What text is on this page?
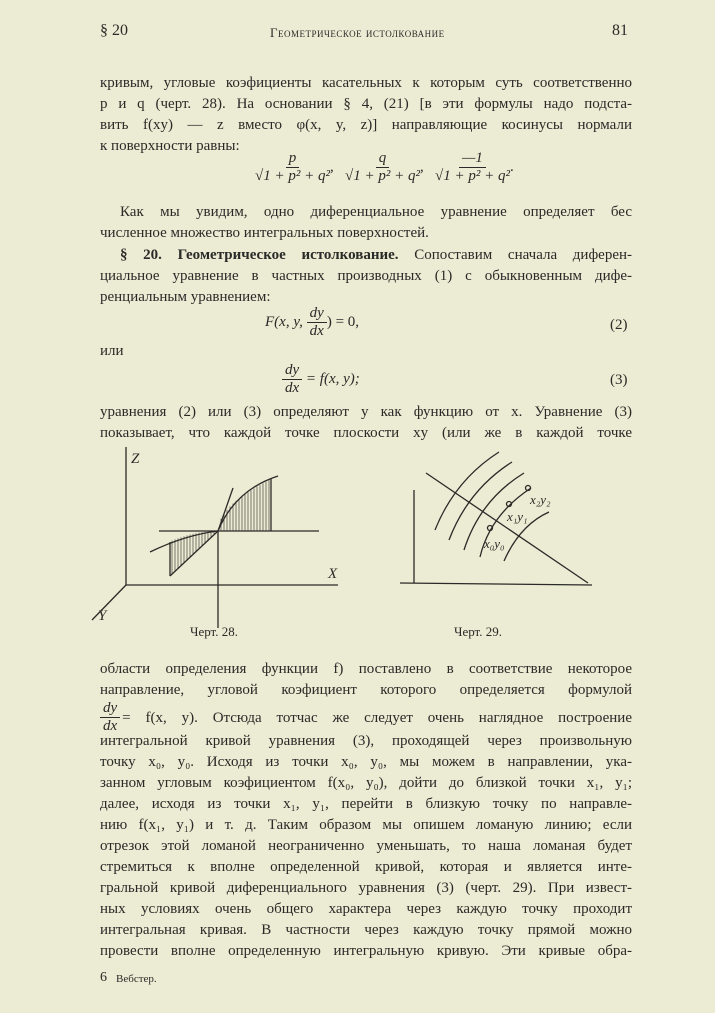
§ 20	Геометрическое истолкование	81
кривым, угловые коэфициенты касательных к которым суть соответственно
p и q (черт. 28). На основании § 4, (21) [в эти формулы надо подста-
вить f(xy) — z вместо φ(x, y, z)] направляющие косинусы нормали
к поверхности равны:
$\frac{p}{\text{√1 + p² + q²}}$ , $\frac{q}{\text{√1 + p² + q²}}$ , $\frac{—1}{\text{√1 + p² + q²}}$ .
Как мы увидим, одно диференциальное уравнение определяет бес
численное множество интегральных поверхностей.
§ 20. Геометрическое истолкование. Сопоставим сначала диферен-
циальное уравнение в частных производных (1) с обыкновенным дифе-
ренциальным уравнением:
F(x, y, $\frac{dy}{dx}$ ) = 0,	(2)
или
$\frac{dy}{dx} = f(x$, y);	(3)
уравнения (2) или (3) определяют y как функцию от x. Уравнение (3)
показывает, что каждой точке плоскости xy (или же в каждой точке
Z
X
Y
x₀y₀
x₁y₁
x₂y₂
Черт. 28.	Черт. 29.
области определения функции f) поставлено в соответствие некоторое
направление, угловой коэфициент которого определяется формулой
$\frac{dy}{dx} = f(x$, y). Отсюда тотчас же следует очень наглядное построение
интегральной кривой уравнения (3), проходящей через произвольную
точку x₀, y₀. Исходя из точки x₀, y₀, мы можем в направлении, ука-
занном угловым коэфициентом f(x₀, y₀), дойти до близкой точки x₁, y₁;
далее, исходя из точки x₁, y₁, перейти в близкую точку по направле-
нию f(x₁, y₁) и т. д. Таким образом мы опишем ломаную линию; если
отрезок этой ломаной неограниченно уменьшать, то наша ломаная будет
стремиться к вполне определенной кривой, которая и является инте-
гральной кривой диференциального уравнения (3) (черт. 29). При извест-
ных условиях очень общего характера через каждую точку проходит
интегральная кривая. В частности через каждую точку прямой можно
провести вполне определенную интегральную кривую. Эти кривые обра-
6 Вебстер.
